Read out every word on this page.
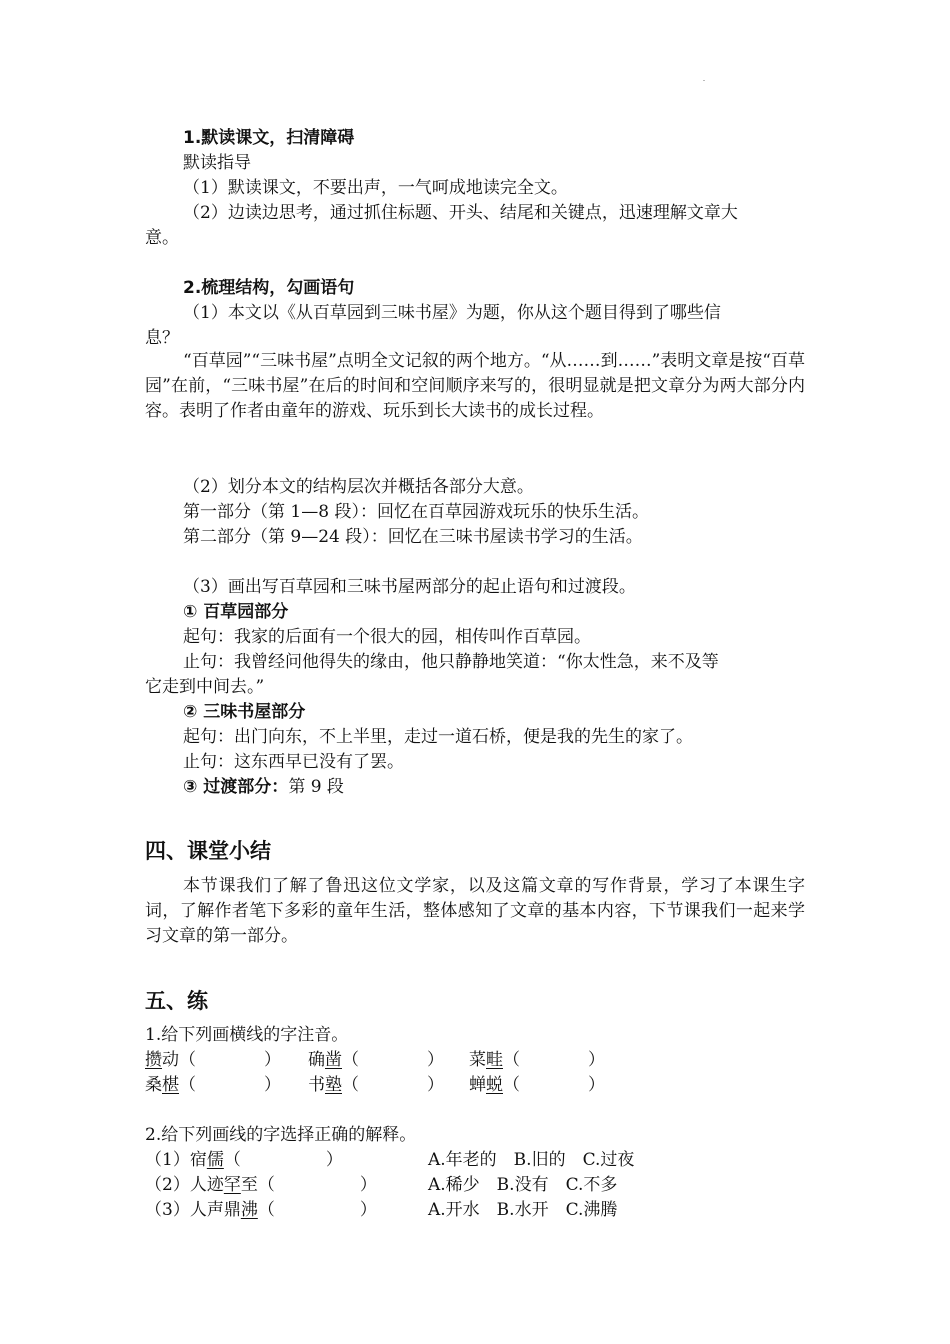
1.默读课文，扫清障碍
默读指导
（1）默读课文，不要出声，一气呵成地读完全文。
（2）边读边思考，通过抓住标题、开头、结尾和关键点，迅速理解文章大
意。
2.梳理结构，勾画语句
（1）本文以《从百草园到三味书屋》为题，你从这个题目得到了哪些信
息？
“百草园”“三味书屋”点明全文记叙的两个地方。“从……到……”表明文章是按“百草园”在前，“三味书屋”在后的时间和空间顺序来写的，很明显就是把文章分为两大部分内容。表明了作者由童年的游戏、玩乐到长大读书的成长过程。
（2）划分本文的结构层次并概括各部分大意。
第一部分（第 1—8 段）：回忆在百草园游戏玩乐的快乐生活。
第二部分（第 9—24 段）：回忆在三味书屋读书学习的生活。
（3）画出写百草园和三味书屋两部分的起止语句和过渡段。
① 百草园部分
起句：我家的后面有一个很大的园，相传叫作百草园。
止句：我曾经问他得失的缘由，他只静静地笑道：“你太性急，来不及等
它走到中间去。”
② 三味书屋部分
起句：出门向东，不上半里，走过一道石桥，便是我的先生的家了。
止句：这东西早已没有了罢。
③ 过渡部分：第 9 段
四、课堂小结
本节课我们了解了鲁迅这位文学家，以及这篇文章的写作背景，学习了本课生字词，了解作者笔下多彩的童年生活，整体感知了文章的基本内容，下节课我们一起来学习文章的第一部分。
五、练
1.给下列画横线的字注音。
攒动（　　　　） 确凿（　　　　） 菜畦（　　　　）
桑椹（　　　　） 书塾（　　　　） 蝉蜕（　　　　）
2.给下列画线的字选择正确的解释。
（1）宿儒（　　　　　）	A.年老的　B.旧的　C.过夜
（2）人迹罕至（　　　　　）	A.稀少　B.没有　C.不多
（3）人声鼎沸（　　　　　）	A.开水　B.水开　C.沸腾
